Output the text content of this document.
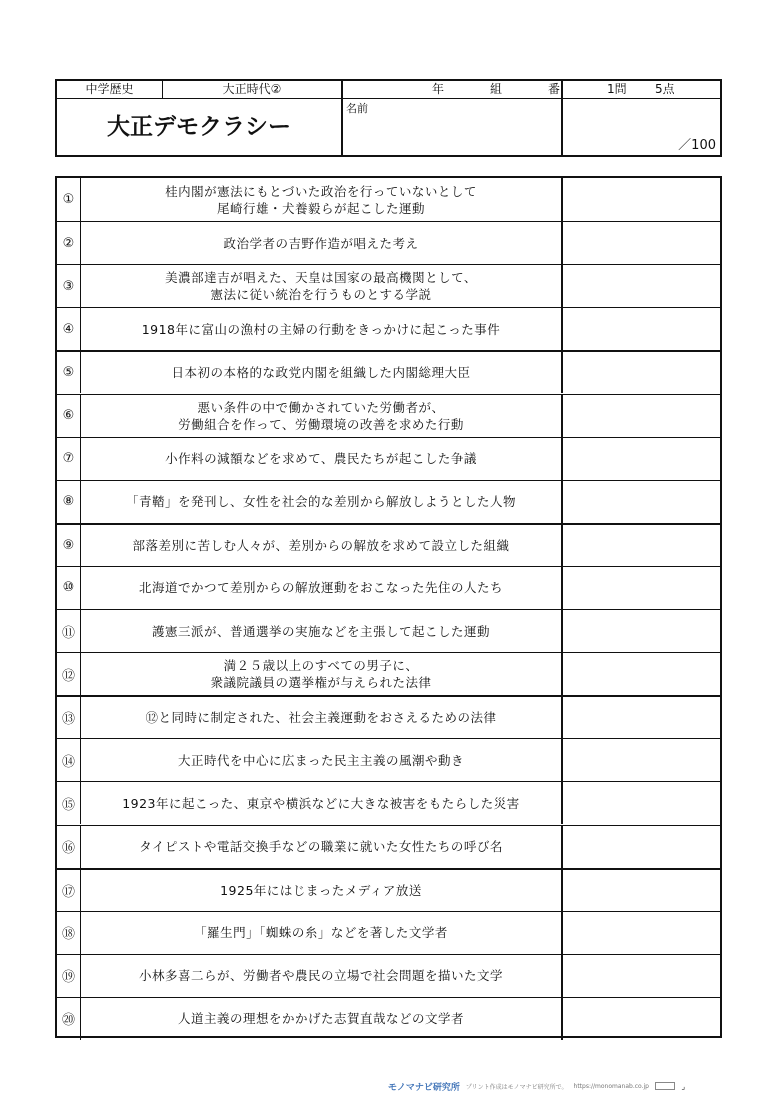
中学歴史	大正時代②
大正デモクラシー
年	組	番
名前
1問 5点
／100
①
桂内閣が憲法にもとづいた政治を行っていないとして
尾崎行雄・犬養毅らが起こした運動
②	政治学者の吉野作造が唱えた考え
③
美濃部達吉が唱えた、天皇は国家の最高機関として、
憲法に従い統治を行うものとする学説
④	1918年に富山の漁村の主婦の行動をきっかけに起こった事件
⑤	日本初の本格的な政党内閣を組織した内閣総理大臣
⑥
悪い条件の中で働かされていた労働者が、
労働組合を作って、労働環境の改善を求めた行動
⑦	小作料の減額などを求めて、農民たちが起こした争議
⑧	「青鞜」を発刊し、女性を社会的な差別から解放しようとした人物
⑨	部落差別に苦しむ人々が、差別からの解放を求めて設立した組織
⑩	北海道でかつて差別からの解放運動をおこなった先住の人たち
⑪	護憲三派が、普通選挙の実施などを主張して起こした運動
⑫
満２５歳以上のすべての男子に、
衆議院議員の選挙権が与えられた法律
⑬	⑫と同時に制定された、社会主義運動をおさえるための法律
⑭	大正時代を中心に広まった民主主義の風潮や動き
⑮	1923年に起こった、東京や横浜などに大きな被害をもたらした災害
⑯	タイピストや電話交換手などの職業に就いた女性たちの呼び名
⑰	1925年にはじまったメディア放送
⑱	「羅生門」「蜘蛛の糸」などを著した文学者
⑲	小林多喜二らが、労働者や農民の立場で社会問題を描いた文学
⑳	人道主義の理想をかかげた志賀直哉などの文学者
モノマナビ研究所 プリント作成はモノマナビ研究所で。 https://monomanab.co.jp
	⌟
